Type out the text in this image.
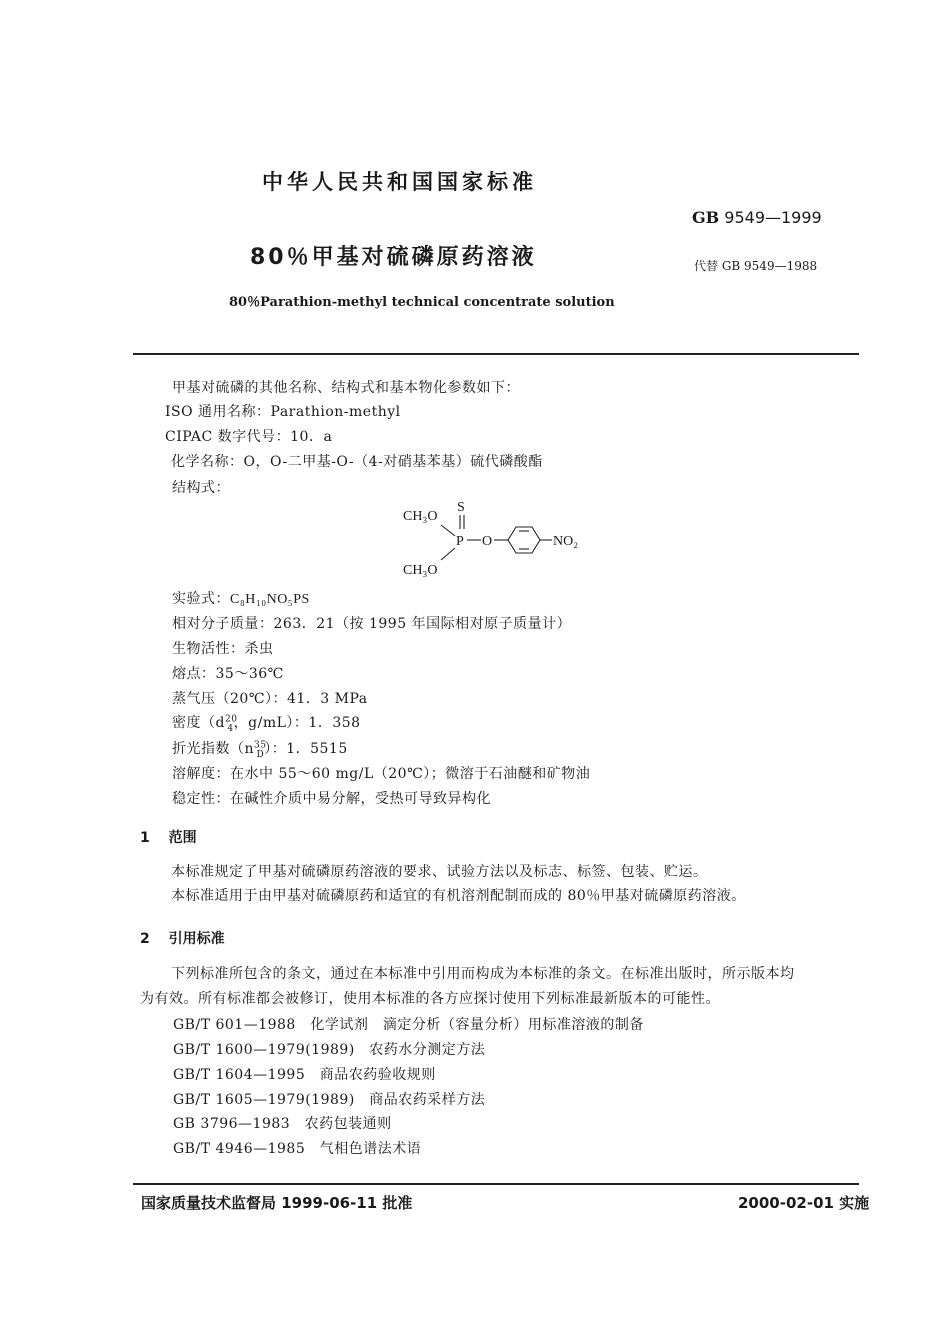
中华人民共和国国家标准
GB 9549—1999
80％甲基对硫磷原药溶液	代替 GB 9549—1988
80％Parathion-methyl technical concentrate solution
甲基对硫磷的其他名称、结构式和基本物化参数如下：
ISO 通用名称：Parathion-methyl
CIPAC 数字代号：10．a
化学名称：O，O-二甲基-O-（4-对硝基苯基）硫代磷酸酯
结构式：
CH₃O
S
P O	NO₂
CH₃O
实验式：C₈H₁₀NO₅PS
相对分子质量：263．21（按 1995 年国际相对原子质量计）
生物活性：杀虫
熔点：35～36℃
蒸气压（20℃）：41．3 MPa
密度（$d^{20}_4$，g/mL）：1．358
折光指数$(n^{35}_D)$：1．5515
溶解度：在水中 55～60 mg/L（20℃）；微溶于石油醚和矿物油
稳定性：在碱性介质中易分解，受热可导致异构化
1 范围
本标准规定了甲基对硫磷原药溶液的要求、试验方法以及标志、标签、包装、贮运。
本标准适用于由甲基对硫磷原药和适宜的有机溶剂配制而成的 80％甲基对硫磷原药溶液。
2 引用标准
下列标准所包含的条文，通过在本标准中引用而构成为本标准的条文。在标准出版时，所示版本均
为有效。所有标准都会被修订，使用本标准的各方应探讨使用下列标准最新版本的可能性。
GB/T 601—1988　化学试剂　滴定分析（容量分析）用标准溶液的制备
GB/T 1600—1979(1989)　农药水分测定方法
GB/T 1604—1995　商品农药验收规则
GB/T 1605—1979(1989)　商品农药采样方法
GB 3796—1983　农药包装通则
GB/T 4946—1985　气相色谱法术语
国家质量技术监督局 1999-06-11 批准	2000-02-01 实施
